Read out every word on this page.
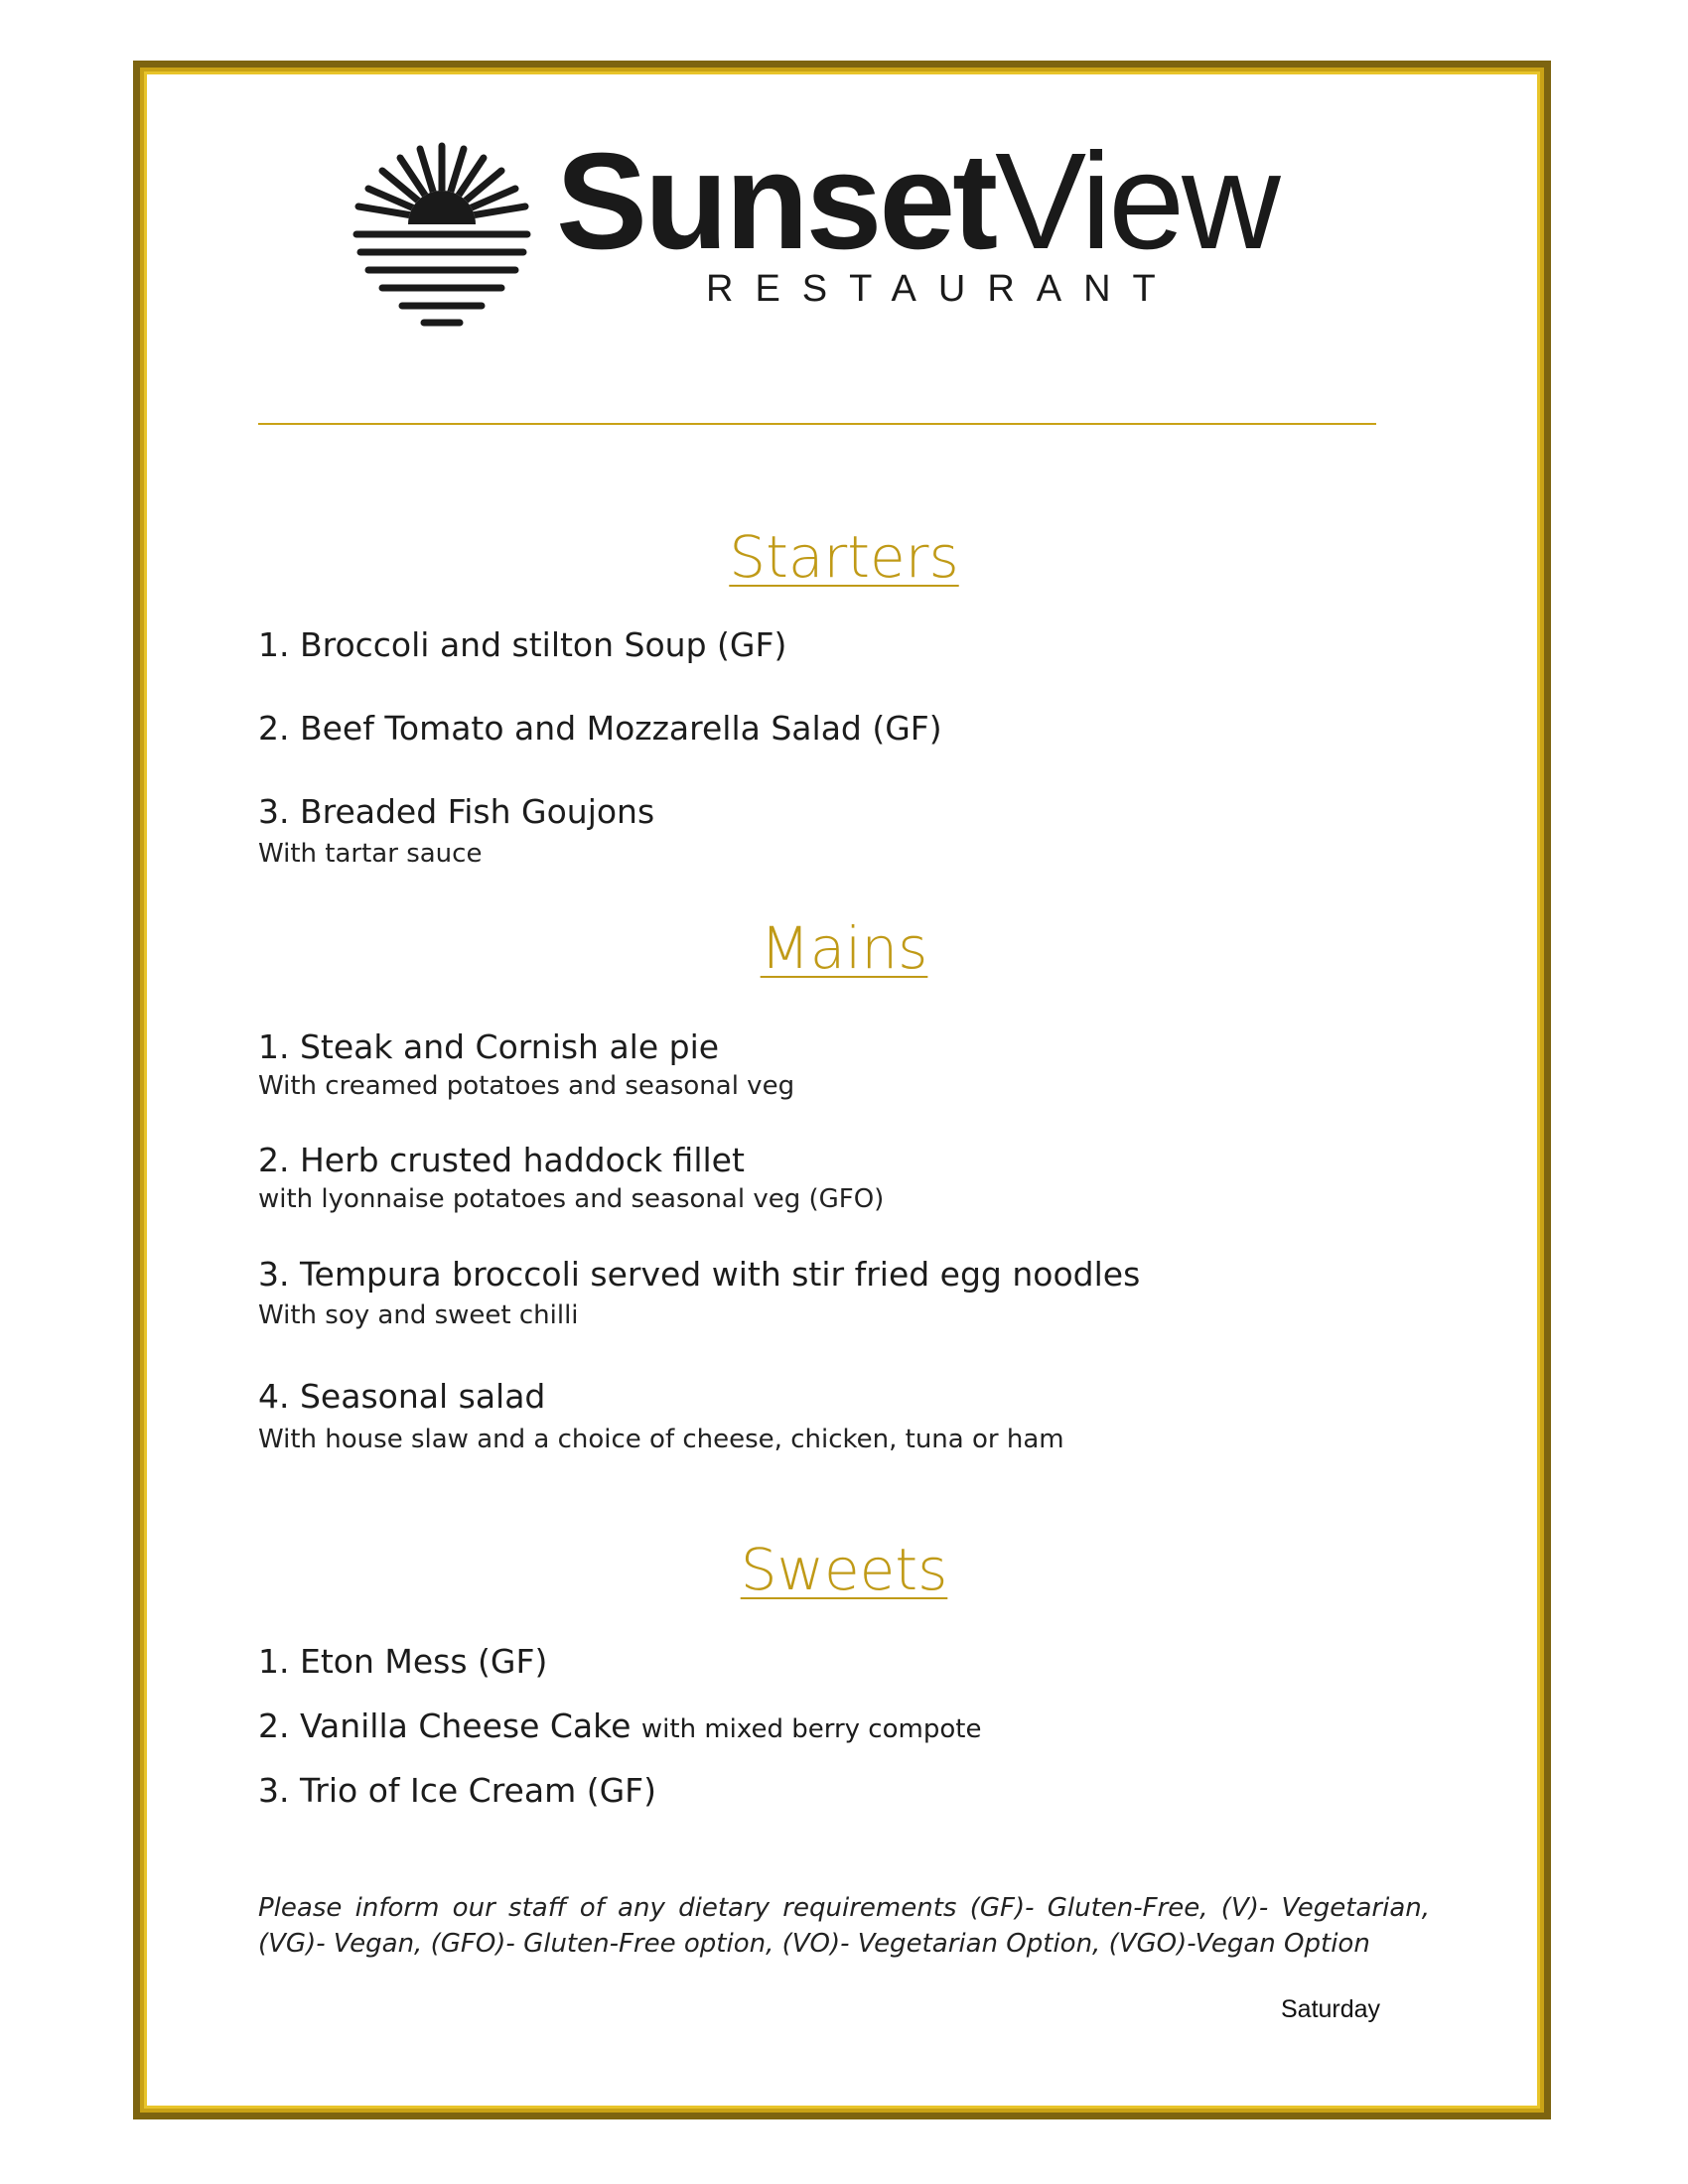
SunsetView
RESTAURANT
Starters
1. Broccoli and stilton Soup (GF)
2. Beef Tomato and Mozzarella Salad (GF)
3. Breaded Fish Goujons
With tartar sauce
Mains
1. Steak and Cornish ale pie
With creamed potatoes and seasonal veg
2. Herb crusted haddock fillet
with lyonnaise potatoes and seasonal veg (GFO)
3. Tempura broccoli served with stir fried egg noodles
With soy and sweet chilli
4. Seasonal salad
With house slaw and a choice of cheese, chicken, tuna or ham
Sweets
1. Eton Mess (GF)
2. Vanilla Cheese Cake with mixed berry compote
3. Trio of Ice Cream (GF)
Please inform our staff of any dietary requirements (GF)- Gluten-Free, (V)- Vegetarian, (VG)- Vegan, (GFO)- Gluten-Free option, (VO)- Vegetarian Option, (VGO)-Vegan Option
Saturday
